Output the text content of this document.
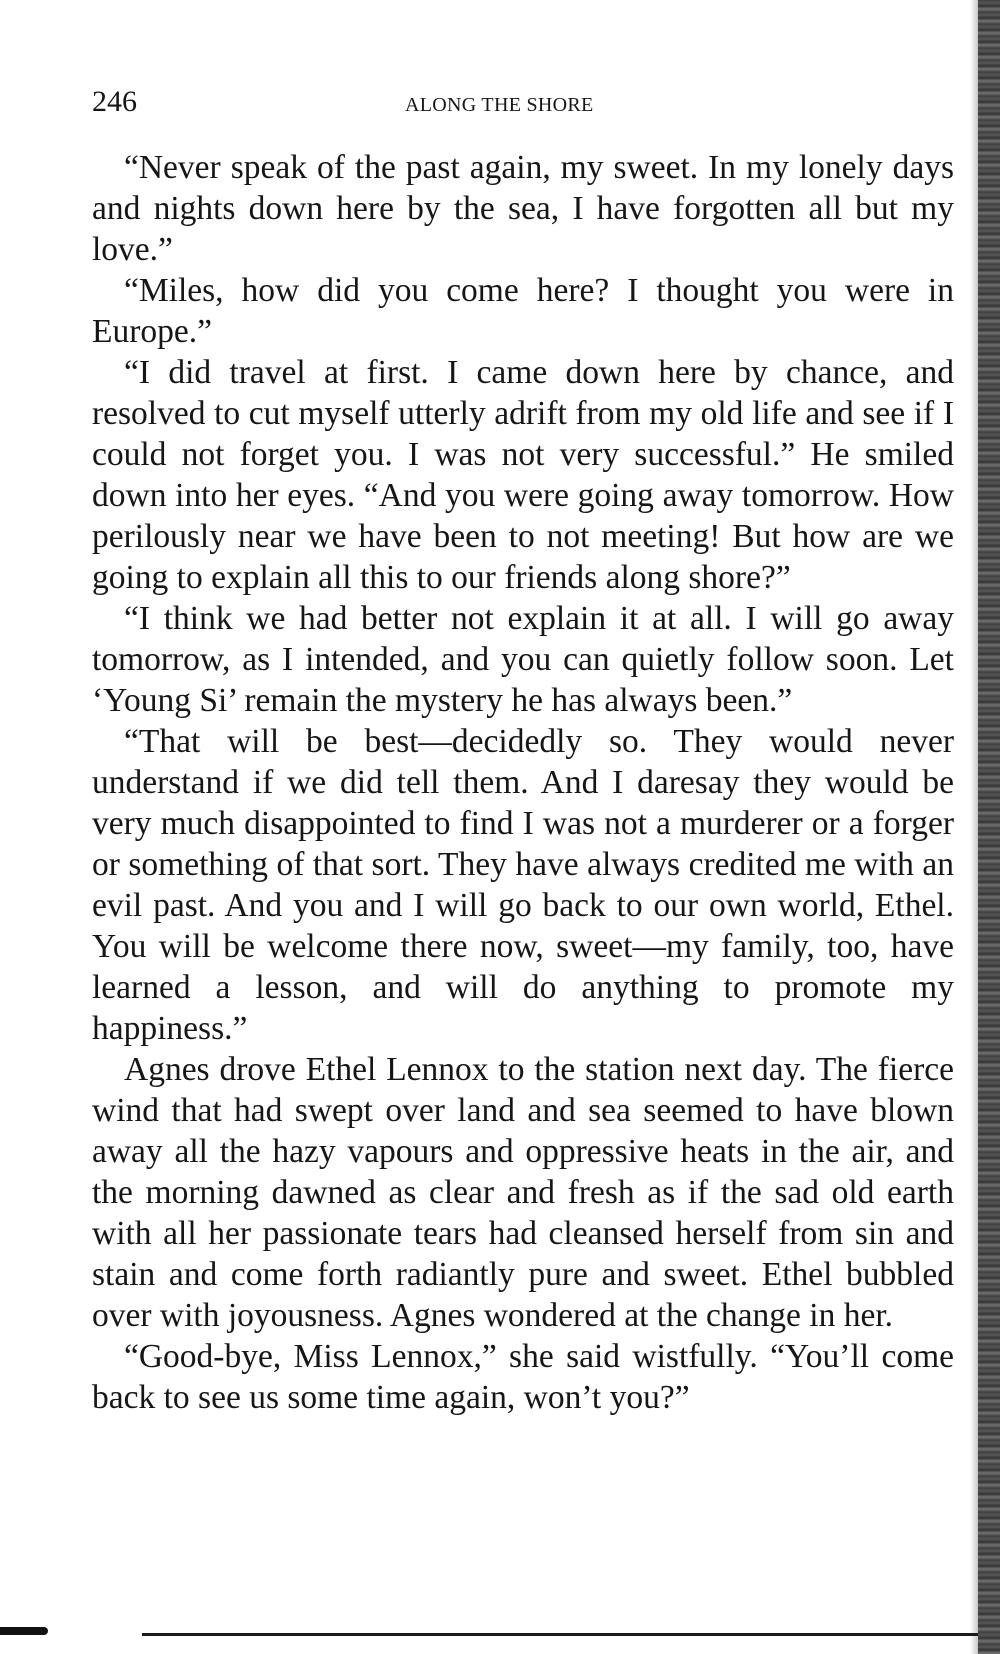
246	ALONG THE SHORE

“Never speak of the past again, my sweet. In my lonely days and nights down here by the sea, I have forgotten all but my love.”

“Miles, how did you come here? I thought you were in Europe.”

“I did travel at first. I came down here by chance, and resolved to cut myself utterly adrift from my old life and see if I could not forget you. I was not very successful.” He smiled down into her eyes. “And you were going away tomorrow. How perilously near we have been to not meeting! But how are we going to explain all this to our friends along shore?”

“I think we had better not explain it at all. I will go away tomorrow, as I intended, and you can quietly follow soon. Let ‘Young Si’ remain the mystery he has always been.”

“That will be best—decidedly so. They would never understand if we did tell them. And I daresay they would be very much disappointed to find I was not a murderer or a forger or something of that sort. They have always credited me with an evil past. And you and I will go back to our own world, Ethel. You will be welcome there now, sweet—my family, too, have learned a lesson, and will do anything to promote my happiness.”

Agnes drove Ethel Lennox to the station next day. The fierce wind that had swept over land and sea seemed to have blown away all the hazy vapours and oppressive heats in the air, and the morning dawned as clear and fresh as if the sad old earth with all her passionate tears had cleansed herself from sin and stain and come forth radiantly pure and sweet. Ethel bubbled over with joyousness. Agnes wondered at the change in her.

“Good-bye, Miss Lennox,” she said wistfully. “You’ll come back to see us some time again, won’t you?”
